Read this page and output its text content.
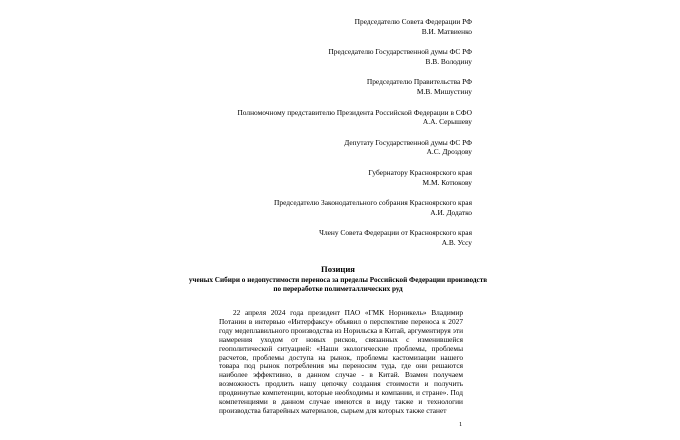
Председателю Совета Федерации РФ
В.И. Матвиенко
Председателю Государственной думы ФС РФ
В.В. Володину
Председателю Правительства РФ
М.В. Мишустину
Полномочному представителю Президента Российской Федерации в СФО
А.А. Серышеву
Депутату Государственной думы ФС РФ
А.С. Дроздову
Губернатору Красноярского края
М.М. Котюкову
Председателю Законодательного собрания Красноярского края
А.И. Додатко
Члену Совета Федерации от Красноярского края
А.В. Уссу
Позиция
ученых Сибири о недопустимости переноса за пределы Российской Федерации производств по переработке полиметаллических руд

22 апреля 2024 года президент ПАО «ГМК Норникель» Владимир Потанин в интервью «Интерфаксу» объявил о перспективе переноса к 2027 году медеплавильного производства из Норильска в Китай, аргументируя эти намерения уходом от новых рисков, связанных с изменившейся геополитической ситуацией: «Наши экологические проблемы, проблемы расчетов, проблемы доступа на рынок, проблемы кастомизации нашего товара под рынок потребления мы переносим туда, где они решаются наиболее эффективно, в данном случае - в Китай. Взамен получаем возможность продлить нашу цепочку создания стоимости и получить продвинутые компетенции, которые необходимы и компании, и стране». Под компетенциями в данном случае имеются в виду также и технологии производства батарейных материалов, сырьем для которых также станет

1
